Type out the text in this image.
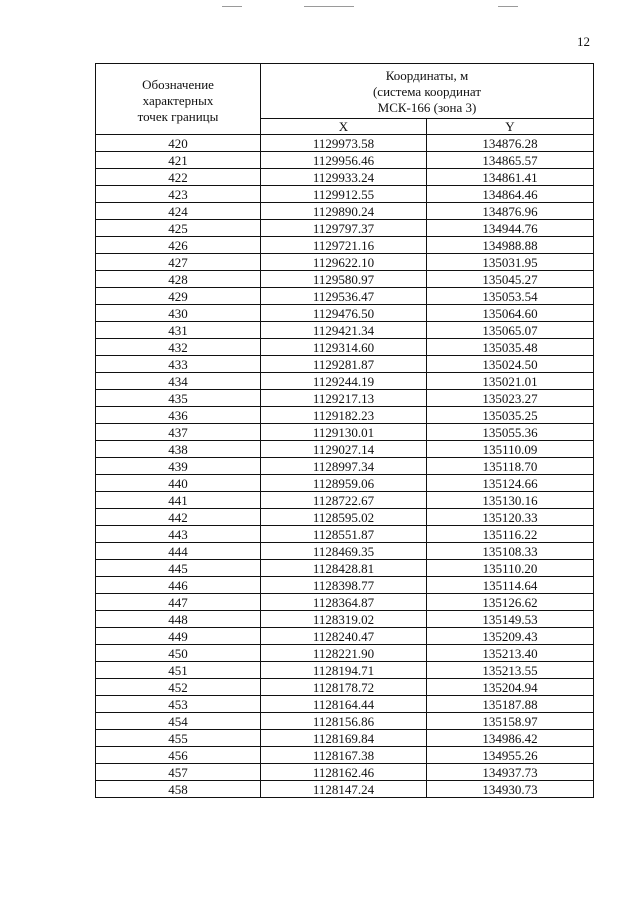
12
Обозначение
характерных
точек границы	Координаты, м
(система координат
МСК-166 (зона 3)	

	X	Y
420	1129973.58	134876.28
421	1129956.46	134865.57
422	1129933.24	134861.41
423	1129912.55	134864.46
424	1129890.24	134876.96
425	1129797.37	134944.76
426	1129721.16	134988.88
427	1129622.10	135031.95
428	1129580.97	135045.27
429	1129536.47	135053.54
430	1129476.50	135064.60
431	1129421.34	135065.07
432	1129314.60	135035.48
433	1129281.87	135024.50
434	1129244.19	135021.01
435	1129217.13	135023.27
436	1129182.23	135035.25
437	1129130.01	135055.36
438	1129027.14	135110.09
439	1128997.34	135118.70
440	1128959.06	135124.66
441	1128722.67	135130.16
442	1128595.02	135120.33
443	1128551.87	135116.22
444	1128469.35	135108.33
445	1128428.81	135110.20
446	1128398.77	135114.64
447	1128364.87	135126.62
448	1128319.02	135149.53
449	1128240.47	135209.43
450	1128221.90	135213.40
451	1128194.71	135213.55
452	1128178.72	135204.94
453	1128164.44	135187.88
454	1128156.86	135158.97
455	1128169.84	134986.42
456	1128167.38	134955.26
457	1128162.46	134937.73
458	1128147.24	134930.73
